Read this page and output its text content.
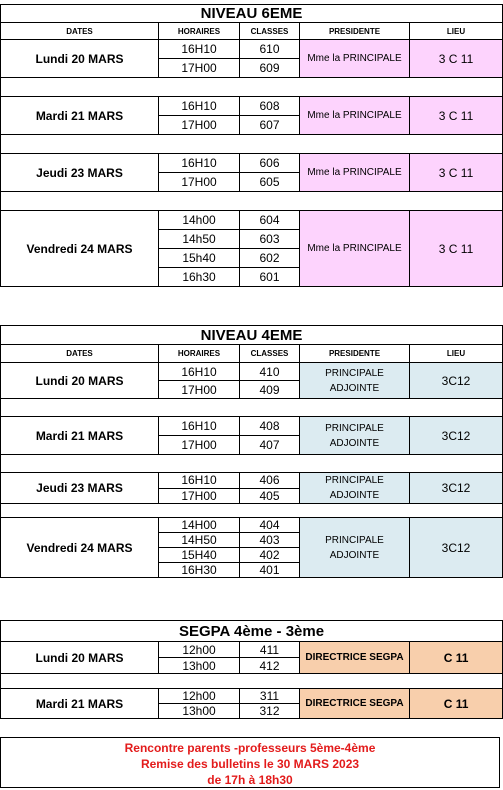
NIVEAU 6EME				
DATES	HORAIRES	CLASSES	PRESIDENTE	LIEU
Lundi 20 MARS	16H10	610	Mme la PRINCIPALE	3 C 11
	17H00	609		

Mardi 21 MARS	16H10	608	Mme la PRINCIPALE	3 C 11
	17H00	607		

Jeudi 23 MARS	16H10	606	Mme la PRINCIPALE	3 C 11
	17H00	605		

Vendredi 24 MARS	14h00	604	Mme la PRINCIPALE	3 C 11
	14h50	603		
	15h40	602		
	16h30	601		
NIVEAU 4EME				
DATES	HORAIRES	CLASSES	PRESIDENTE	LIEU
Lundi 20 MARS	16H10	410	PRINCIPALE ADJOINTE	3C12
	17H00	409		

Mardi 21 MARS	16H10	408	PRINCIPALE ADJOINTE	3C12
	17H00	407		

Jeudi 23 MARS	16H10	406	PRINCIPALE ADJOINTE	3C12
	17H00	405		

Vendredi 24 MARS	14H00	404	PRINCIPALE ADJOINTE	3C12
	14H50	403		
	15H40	402		
	16H30	401		
SEGPA 4ème - 3ème				
Lundi 20 MARS	12h00	411	DIRECTRICE SEGPA	C 11
	13h00	412		

Mardi 21 MARS	12h00	311	DIRECTRICE SEGPA	C 11
	13h00	312		
Rencontre parents -professeurs 5ème-4ème
Remise des bulletins le 30 MARS 2023
de 17h à 18h30
